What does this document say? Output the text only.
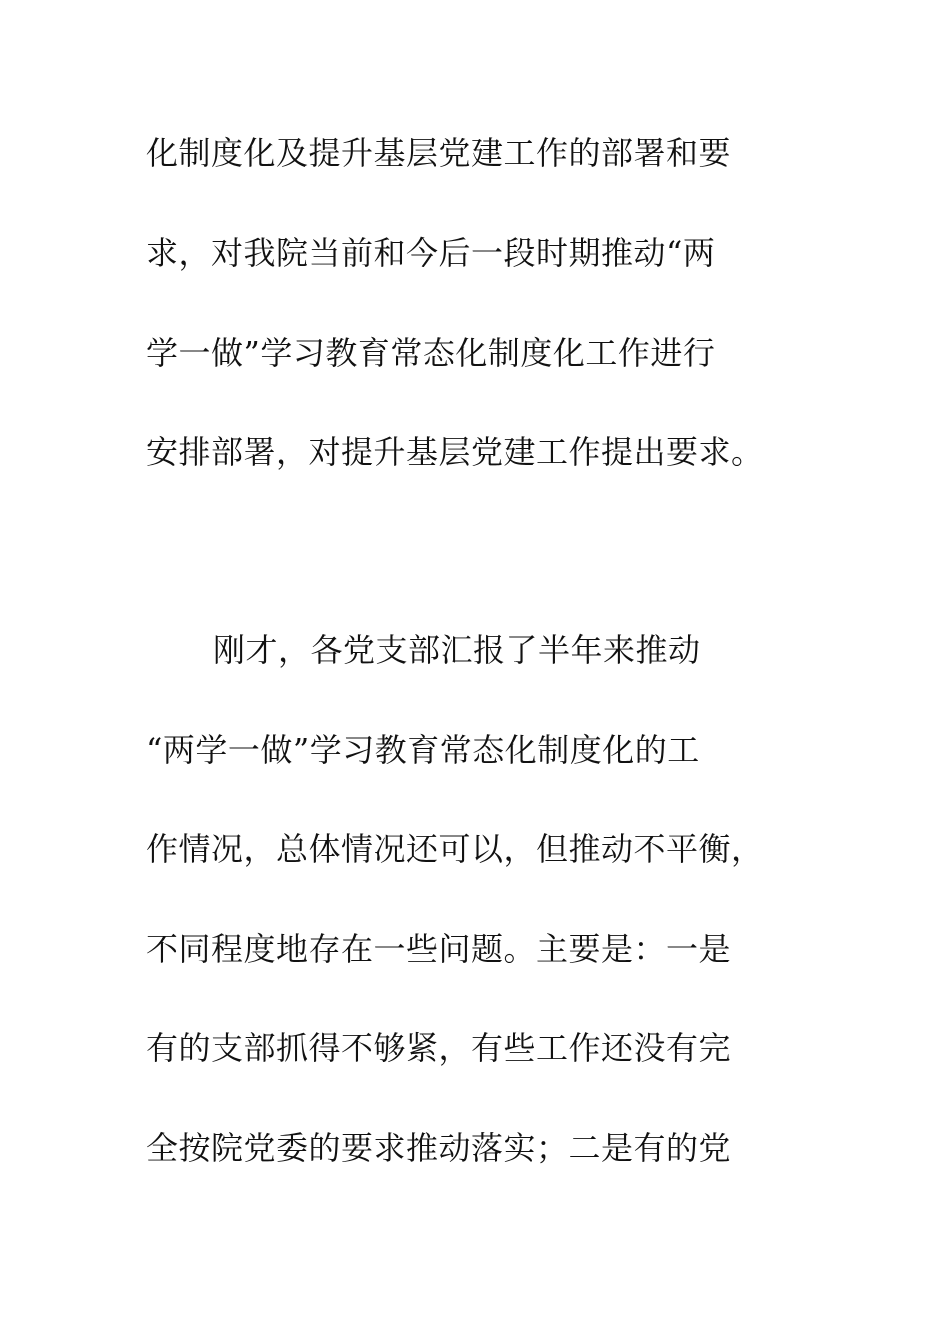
化制度化及提升基层党建工作的部署和要
求，对我院当前和今后一段时期推动“两
学一做”学习教育常态化制度化工作进行
安排部署，对提升基层党建工作提出要求。
刚才，各党支部汇报了半年来推动
“两学一做”学习教育常态化制度化的工
作情况，总体情况还可以，但推动不平衡，
不同程度地存在一些问题。主要是：一是
有的支部抓得不够紧，有些工作还没有完
全按院党委的要求推动落实；二是有的党
